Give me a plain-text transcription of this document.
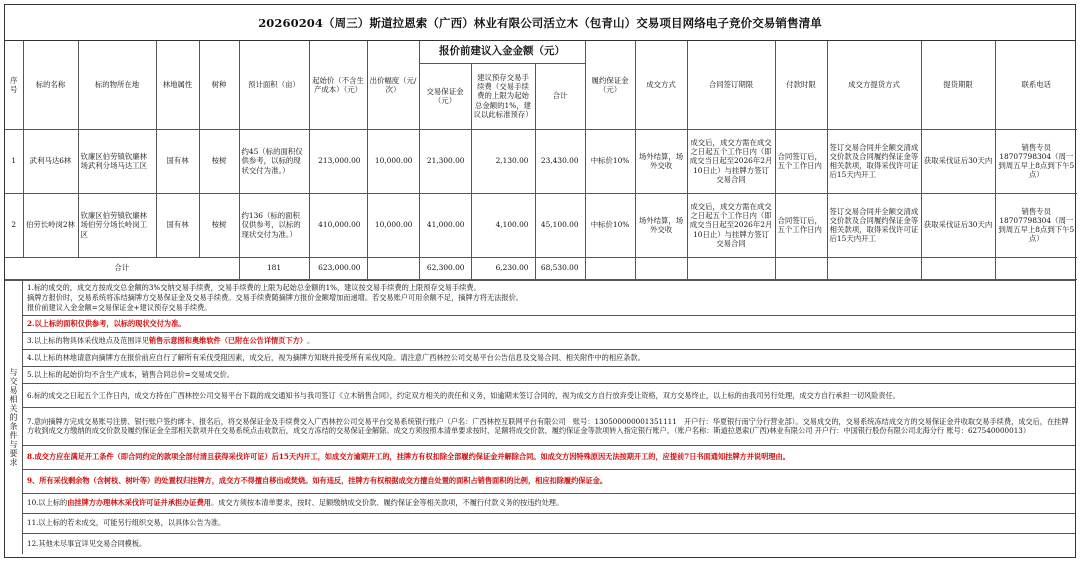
20260204（周三）斯道拉恩索（广西）林业有限公司活立木（包青山）交易项目网络电子竞价交易销售清单
序号	标的名称	标的物所在地	林地属性	树种	预计面积（亩）	起始价（不含生产成本）（元）	出价幅度（元/次）	报价前建议入金金额（元）			履约保证金（元）	成交方式	合同签订期限	付款时限	成交方提货方式	提货期限	联系电话
								交易保证金（元）	建议预存交易手续费（交易手续费的上限为起始总金额的1%，建议以此标准预存）	合计							
1	武利马达6林	钦廉区伯劳镇钦廉林场武利分场马达工区	国有林	桉树	约45（标的面积仅供参考，以标的现状交付为准。）	213,000.00	10,000.00	21,300.00	2,130.00	23,430.00	中标价10%	场外结算，场外交收	成交后，成交方需在成交之日起五个工作日内（即成交当日起至2026年2月10日止）与挂牌方签订交易合同	合同签订后，五个工作日内	签订交易合同并全额交清成交价款及合同履约保证金等相关款项，取得采伐许可证后15天内开工	获取采伐证后30天内	销售专员18707798304（周一到周五早上8点到下午5点）
2	伯劳长岭岗2林	钦廉区伯劳镇钦廉林场伯劳分场长岭岗工区	国有林	桉树	约136（标的面积仅供参考，以标的现状交付为准。）	410,000.00	10,000.00	41,000.00	4,100.00	45,100.00	中标价10%	场外结算，场外交收	成交后，成交方需在成交之日起五个工作日内（即成交当日起至2026年2月10日止）与挂牌方签订交易合同	合同签订后，五个工作日内	签订交易合同并全额交清成交价款及合同履约保证金等相关款项，取得采伐许可证后15天内开工	获取采伐证后30天内	销售专员18707798304（周一到周五早上8点到下午5点）
合计					181	623,000.00		62,300.00	6,230.00	68,530.00							
与交易相关的条件与要求
1.标的成交的，成交方按成交总金额的3%交纳交易手续费，交易手续费的上限为起始总金额的1%，建议按交易手续费的上限预存交易手续费。
摘牌方报价时，交易系统将冻结摘牌方交易保证金及交易手续费。交易手续费随摘牌方报价金额增加而递增。若交易账户可用余额不足，摘牌方将无法报价。
报价前建议入金金额=交易保证金+建议预存交易手续费。
2.以上标的面积仅供参考，以标的现状交付为准。
3.以上标的物具体采伐地点及范围详见 销售示意图和奥维软件（已附在公告详情页下方） 。
4.以上标的林地请意向摘牌方在报价前应自行了解所有采伐受阻因素，成交后，视为摘牌方知晓并接受所有采伐风险。请注意广西林控公司交易平台公告信息及交易合同、相关附件中的相应条款。
5.以上标的起始价均不含生产成本，销售合同总价=交易成交价。
6.标的成交之日起五个工作日内，成交方持在广西林控公司交易平台下载的成交通知书与我司签订《立木销售合同》，约定双方相关的责任和义务，如逾期未签订合同的，视为成交方自行放弃受让资格，双方交易终止，以上标的由我司另行处理，成交方自行承担一切风险责任。
7.意向摘牌方完成交易账号注册、银行账户签约绑卡、报名后，将交易保证金及手续费交入广西林控公司交易平台交易系统银行账户（户名：广西林控互联网平台有限公司　账号：130500000001351111　开户行：华夏银行南宁分行营业部）。交易成交的，交易系统冻结成交方的交易保证金并收取交易手续费，成交后，在挂牌方收到成交方缴纳的成交价款及履约保证金全部相关款项并在交易系统点击收款后，成交方冻结的交易保证金解除。成交方须按照本清单要求按时、足额将成交价款、履约保证金等款项转入指定银行账户。（账户名称：斯道拉恩索(广西)林业有限公司 开户行：中国银行股份有限公司北海分行 账号：627540000013）
8.成交方应在满足开工条件（即合同约定的款项全部付清且获得采伐许可证）后15天内开工，如成交方逾期开工的，挂牌方有权扣除全部履约保证金并解除合同。如成交方因特殊原因无法按期开工的，应提前7日书面通知挂牌方并说明理由。
9、所有采伐剩余物（含树枝、树叶等）的处置权归挂牌方，成交方不得擅自移出或焚烧。如有违反，挂牌方有权根据成交方擅自处置的面积占销售面积的比例，相应扣除履约保证金。
10.以上标的由挂牌方办理林木采伐许可证并承担办证费用。成交方须按本清单要求，按时、足额缴纳成交价款、履约保证金等相关款项，不履行付款义务的按违约处理。
11.以上标的若未成交，可能另行组织交易，以具体公告为准。
12.其他未尽事宜详见交易合同模板。
